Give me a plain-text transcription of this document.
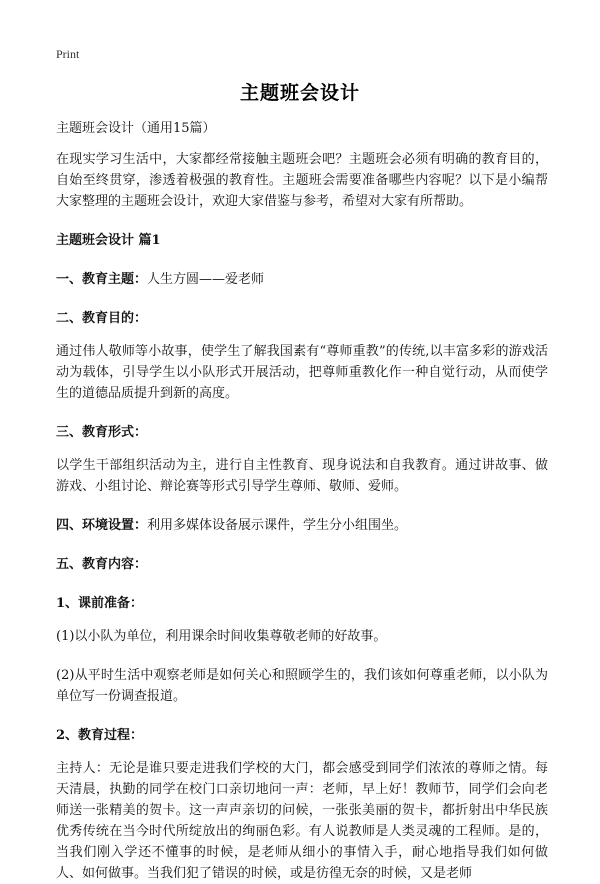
Print
主题班会设计

主题班会设计（通用15篇）

在现实学习生活中，大家都经常接触主题班会吧？主题班会必须有明确的教育目的，自始至终贯穿，渗透着极强的教育性。主题班会需要准备哪些内容呢？以下是小编帮大家整理的主题班会设计，欢迎大家借鉴与参考，希望对大家有所帮助。

主题班会设计 篇1

一、教育主题：人生方圆——爱老师

二、教育目的：

通过伟人敬师等小故事，使学生了解我国素有“尊师重教”的传统,以丰富多彩的游戏活动为载体，引导学生以小队形式开展活动，把尊师重教化作一种自觉行动，从而使学生的道德品质提升到新的高度。

三、教育形式：

以学生干部组织活动为主，进行自主性教育、现身说法和自我教育。通过讲故事、做游戏、小组讨论、辩论赛等形式引导学生尊师、敬师、爱师。

四、环境设置：利用多媒体设备展示课件，学生分小组围坐。

五、教育内容：

1、课前准备：

(1)以小队为单位，利用课余时间收集尊敬老师的好故事。

(2)从平时生活中观察老师是如何关心和照顾学生的，我们该如何尊重老师，以小队为单位写一份调查报道。

2、教育过程：

主持人：无论是谁只要走进我们学校的大门，都会感受到同学们浓浓的尊师之情。每天清晨，执勤的同学在校门口亲切地问一声：老师，早上好！教师节，同学们会向老师送一张精美的贺卡。这一声声亲切的问候，一张张美丽的贺卡，都折射出中华民族优秀传统在当今时代所绽放出的绚丽色彩。有人说教师是人类灵魂的工程师。是的，当我们刚入学还不懂事的时候，是老师从细小的事情入手，耐心地指导我们如何做人、如何做事。当我们犯了错误的时候，或是彷徨无奈的时候，又是老师
